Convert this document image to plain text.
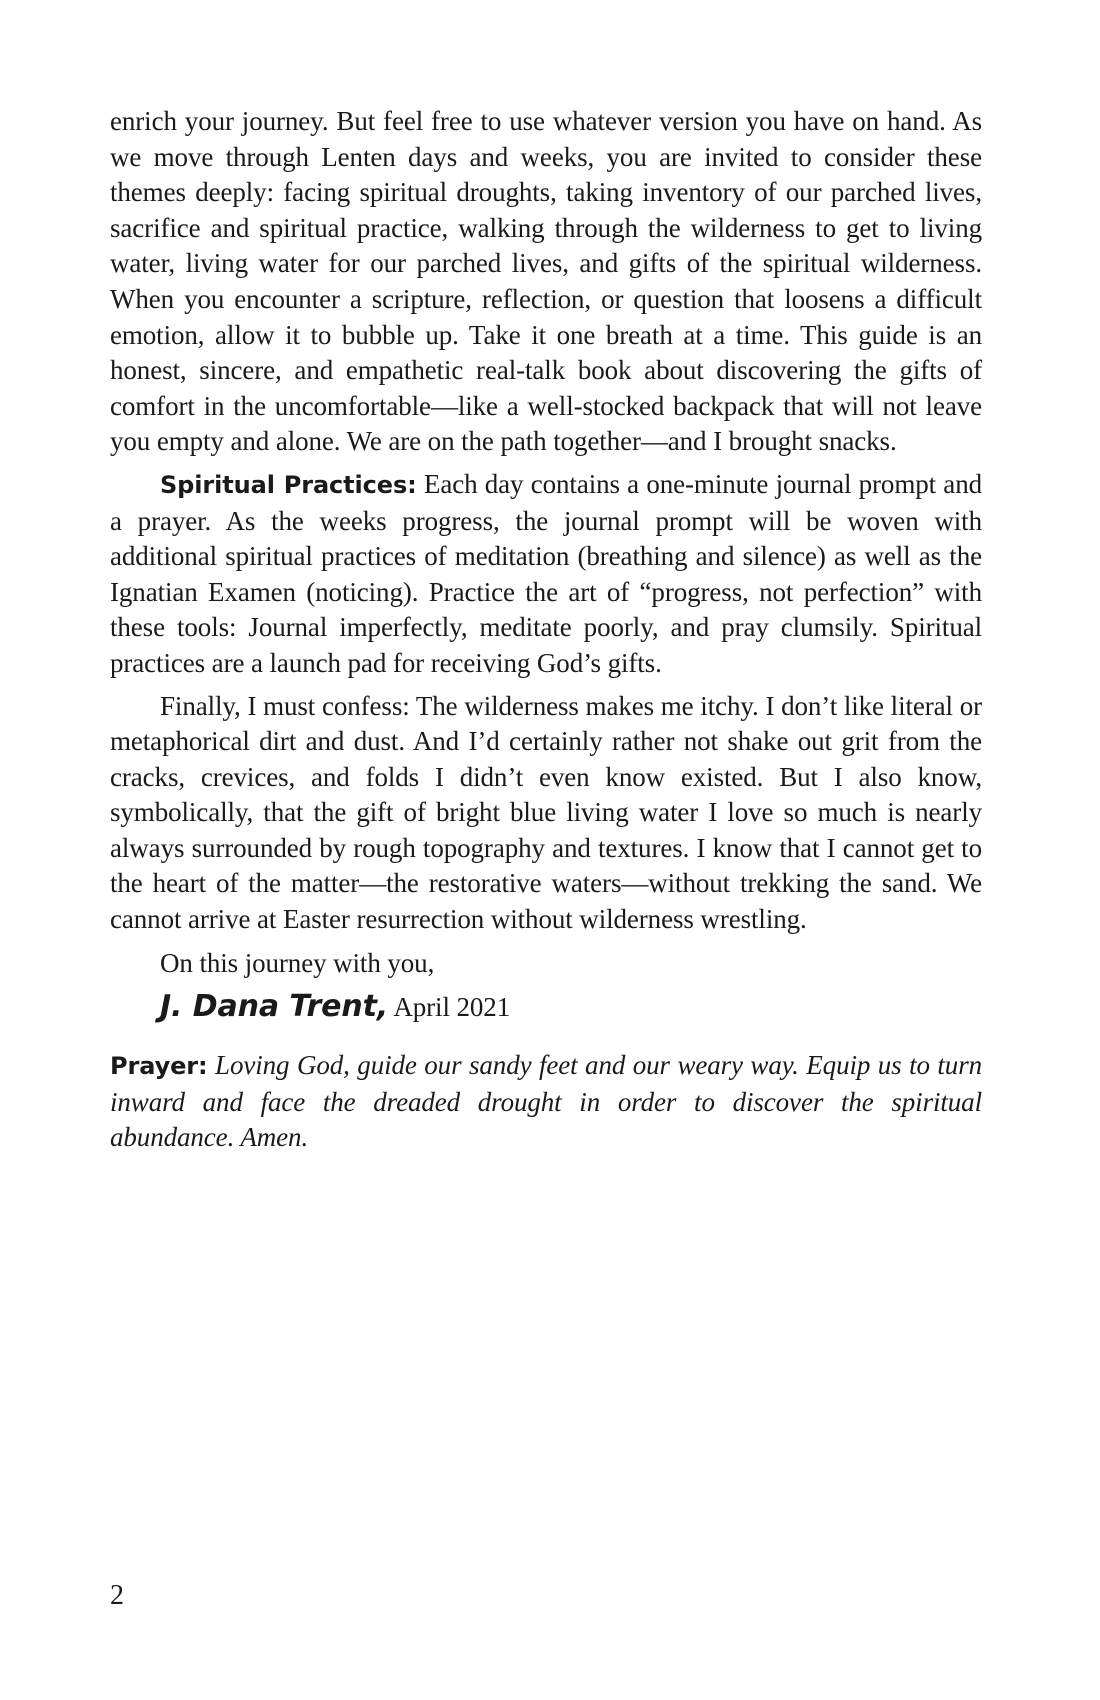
enrich your journey. But feel free to use whatever version you have on hand. As we move through Lenten days and weeks, you are invited to consider these themes deeply: facing spiritual droughts, taking inventory of our parched lives, sacrifice and spiritual practice, walking through the wilderness to get to living water, living water for our parched lives, and gifts of the spiritual wilderness. When you encounter a scripture, reflection, or question that loosens a difficult emotion, allow it to bubble up. Take it one breath at a time. This guide is an honest, sincere, and empathetic real-talk book about discovering the gifts of comfort in the uncomfortable—like a well-stocked backpack that will not leave you empty and alone. We are on the path together—and I brought snacks.

Spiritual Practices: Each day contains a one-minute journal prompt and a prayer. As the weeks progress, the journal prompt will be woven with additional spiritual practices of meditation (breathing and silence) as well as the Ignatian Examen (noticing). Practice the art of “progress, not perfection” with these tools: Journal imperfectly, meditate poorly, and pray clumsily. Spiritual practices are a launch pad for receiving God’s gifts.

Finally, I must confess: The wilderness makes me itchy. I don’t like literal or metaphorical dirt and dust. And I’d certainly rather not shake out grit from the cracks, crevices, and folds I didn’t even know existed. But I also know, symbolically, that the gift of bright blue living water I love so much is nearly always surrounded by rough topography and textures. I know that I cannot get to the heart of the matter—the restorative waters—without trekking the sand. We cannot arrive at Easter resurrection without wilderness wrestling.

On this journey with you,

J. Dana Trent, April 2021

Prayer: Loving God, guide our sandy feet and our weary way. Equip us to turn inward and face the dreaded drought in order to discover the spiritual abundance. Amen.

2
